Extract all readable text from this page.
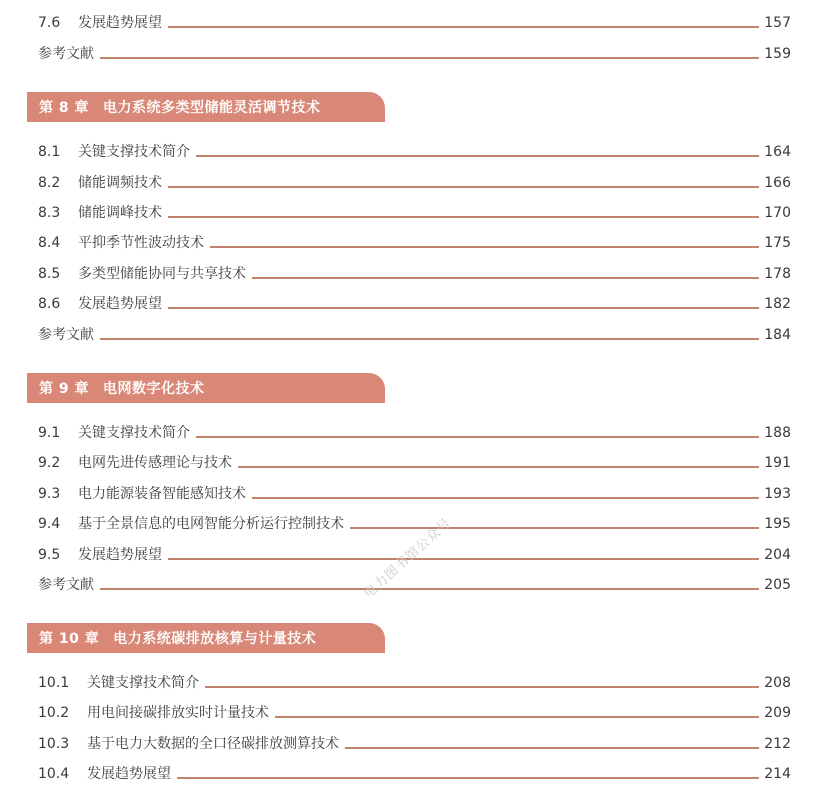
7.6	发展趋势展望	157
参考文献	159
第 8 章 电力系统多类型储能灵活调节技术
8.1	关键支撑技术简介	164
8.2	储能调频技术	166
8.3	储能调峰技术	170
8.4	平抑季节性波动技术	175
8.5	多类型储能协同与共享技术	178
8.6	发展趋势展望	182
参考文献	184
第 9 章 电网数字化技术
9.1	关键支撑技术简介	188
9.2	电网先进传感理论与技术	191
9.3	电力能源装备智能感知技术	193
9.4	基于全景信息的电网智能分析运行控制技术	195
9.5	发展趋势展望	204
参考文献	205
第 10 章 电力系统碳排放核算与计量技术
10.1	关键支撑技术简介	208
10.2	用电间接碳排放实时计量技术	209
10.3	基于电力大数据的全口径碳排放测算技术	212
10.4	发展趋势展望	214
电力图书馆公众号
